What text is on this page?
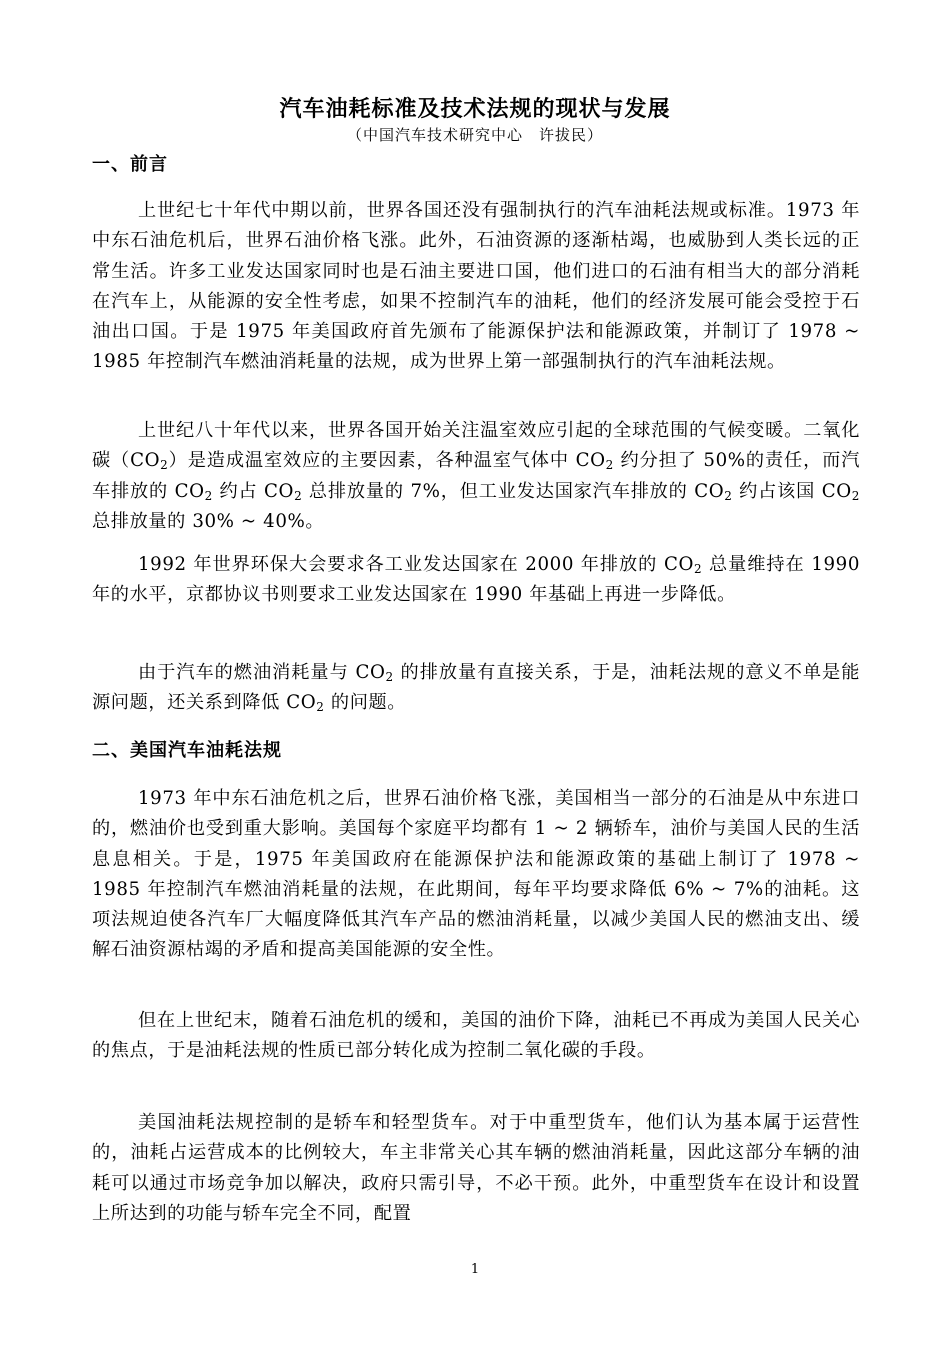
汽车油耗标准及技术法规的现状与发展
（中国汽车技术研究中心　许拔民）
一、前言

上世纪七十年代中期以前，世界各国还没有强制执行的汽车油耗法规或标准。1973 年中东石油危机后，世界石油价格飞涨。此外，石油资源的逐渐枯竭，也威胁到人类长远的正常生活。许多工业发达国家同时也是石油主要进口国，他们进口的石油有相当大的部分消耗在汽车上，从能源的安全性考虑，如果不控制汽车的油耗，他们的经济发展可能会受控于石油出口国。于是 1975 年美国政府首先颁布了能源保护法和能源政策，并制订了 1978 ~ 1985 年控制汽车燃油消耗量的法规，成为世界上第一部强制执行的汽车油耗法规。

上世纪八十年代以来，世界各国开始关注温室效应引起的全球范围的气候变暖。二氧化碳$(CO_2)$是造成温室效应的主要因素，各种温室气体中 $CO_2$ 约分担了 50%的责任，而汽车排放的 $CO_2$ 约占 $CO_2$ 总排放量的 7%，但工业发达国家汽车排放的 $CO_2$ 约占该国 $CO_2$ 总排放量的 30% ~ 40%。

1992 年世界环保大会要求各工业发达国家在 2000 年排放的 $CO_2$ 总量维持在 1990 年的水平，京都协议书则要求工业发达国家在 1990 年基础上再进一步降低。

由于汽车的燃油消耗量与 $CO_2$ 的排放量有直接关系，于是，油耗法规的意义不单是能源问题，还关系到降低 $CO_2$ 的问题。

二、美国汽车油耗法规

1973 年中东石油危机之后，世界石油价格飞涨，美国相当一部分的石油是从中东进口的，燃油价也受到重大影响。美国每个家庭平均都有 1 ~ 2 辆轿车，油价与美国人民的生活息息相关。于是，1975 年美国政府在能源保护法和能源政策的基础上制订了 1978 ~ 1985 年控制汽车燃油消耗量的法规，在此期间，每年平均要求降低 6% ~ 7%的油耗。这项法规迫使各汽车厂大幅度降低其汽车产品的燃油消耗量，以减少美国人民的燃油支出、缓解石油资源枯竭的矛盾和提高美国能源的安全性。

但在上世纪末，随着石油危机的缓和，美国的油价下降，油耗已不再成为美国人民关心的焦点，于是油耗法规的性质已部分转化成为控制二氧化碳的手段。

美国油耗法规控制的是轿车和轻型货车。对于中重型货车，他们认为基本属于运营性的，油耗占运营成本的比例较大，车主非常关心其车辆的燃油消耗量，因此这部分车辆的油耗可以通过市场竞争加以解决，政府只需引导，不必干预。此外，中重型货车在设计和设置上所达到的功能与轿车完全不同，配置

1
